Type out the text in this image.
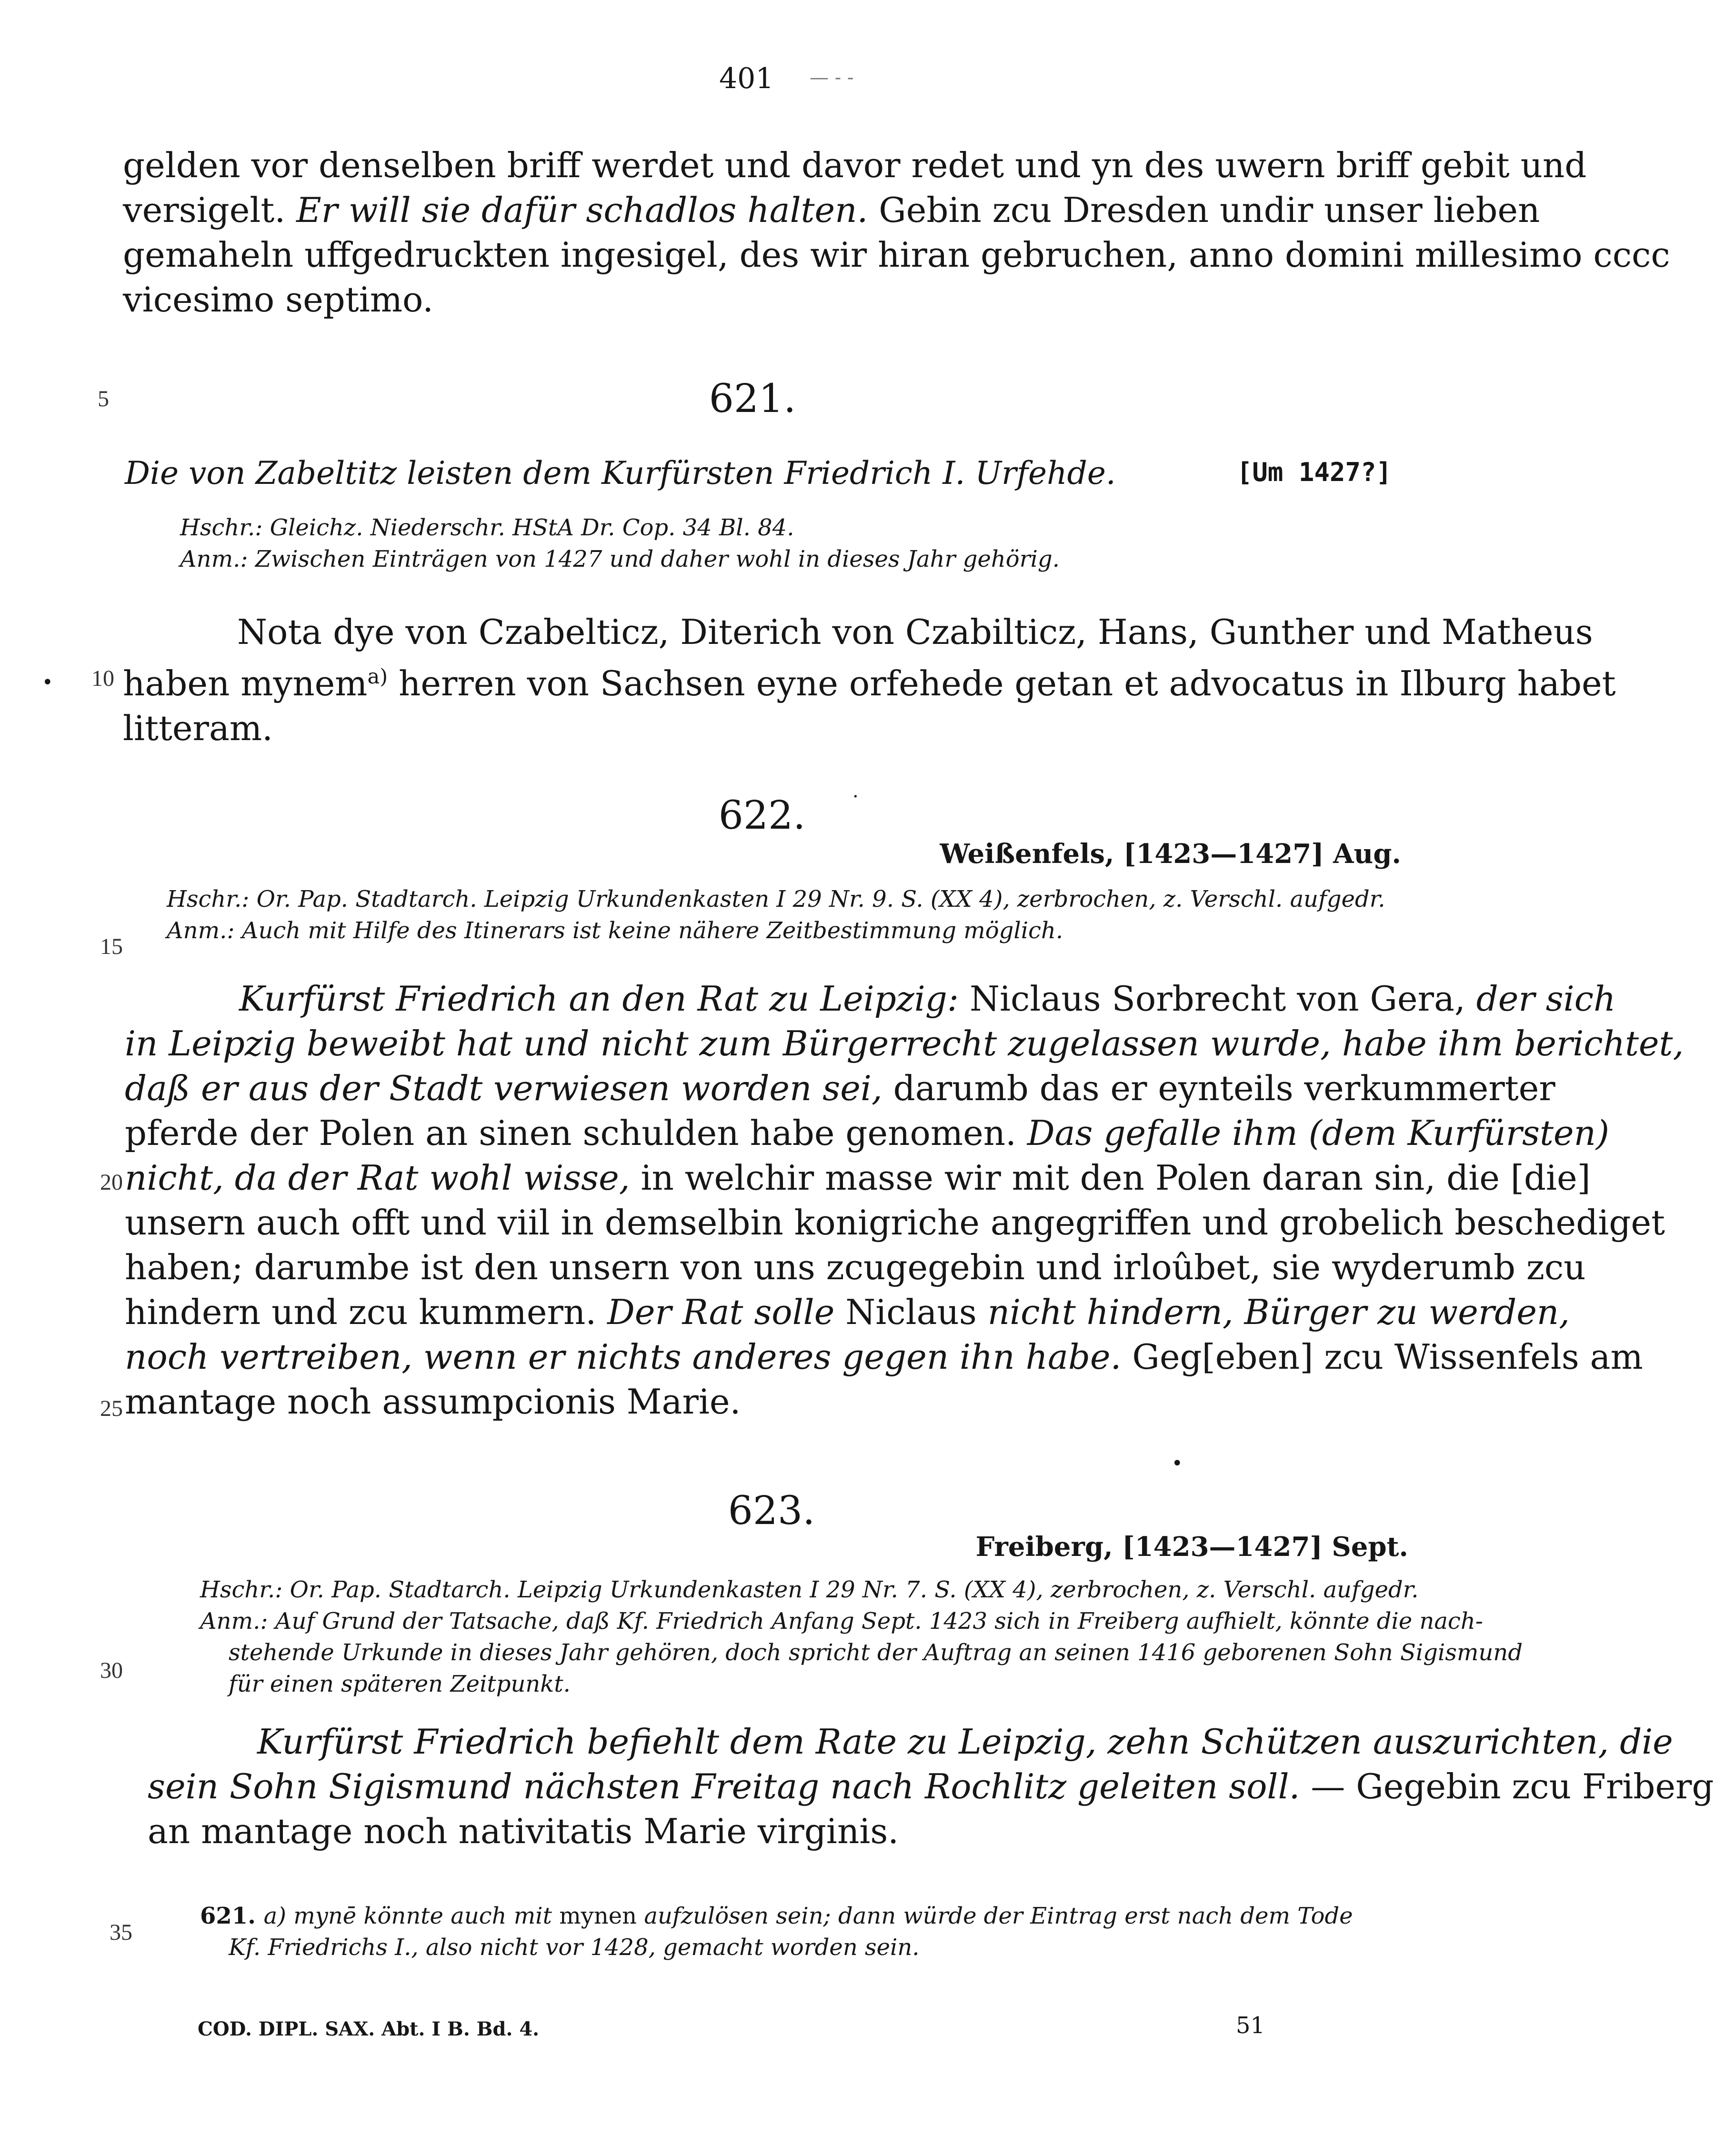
401 — - -
gelden vor denselben briff werdet und davor redet und yn des uwern briff gebit und
versigelt. Er will sie dafür schadlos halten. Gebin zcu Dresden undir unser lieben
gemaheln uffgedruckten ingesigel, des wir hiran gebruchen, anno domini millesimo cccc
vicesimo septimo.
5
10
15
20
25
30
35
•
621.
Die von Zabeltitz leisten dem Kurfürsten Friedrich I. Urfehde.	[Um 1427?]
Hschr.: Gleichz. Niederschr. HStA Dr. Cop. 34 Bl. 84.
Anm.: Zwischen Einträgen von 1427 und daher wohl in dieses Jahr gehörig.
Nota dye von Czabelticz, Diterich von Czabilticz, Hans, Gunther und Matheus
haben mynem$^{a)}$ herren von Sachsen eyne orfehede getan et advocatus in Ilburg habet
litteram.
·
•
622.
Weißenfels, [1423—1427] Aug.
Hschr.: Or. Pap. Stadtarch. Leipzig Urkundenkasten I 29 Nr. 9. S. (XX 4), zerbrochen, z. Verschl. aufgedr.
Anm.: Auch mit Hilfe des Itinerars ist keine nähere Zeitbestimmung möglich.
Kurfürst Friedrich an den Rat zu Leipzig: Niclaus Sorbrecht von Gera, der sich
in Leipzig beweibt hat und nicht zum Bürgerrecht zugelassen wurde, habe ihm berichtet,
daß er aus der Stadt verwiesen worden sei, darumb das er eynteils verkummerter
pferde der Polen an sinen schulden habe genomen. Das gefalle ihm (dem Kurfürsten)
nicht, da der Rat wohl wisse, in welchir masse wir mit den Polen daran sin, die [die]
unsern auch offt und viil in demselbin konigriche angegriffen und grobelich beschediget
haben; darumbe ist den unsern von uns zcugegebin und irloûbet, sie wyderumb zcu
hindern und zcu kummern. Der Rat solle Niclaus nicht hindern, Bürger zu werden,
noch vertreiben, wenn er nichts anderes gegen ihn habe. Geg[eben] zcu Wissenfels am
mantage noch assumpcionis Marie.
623.
Freiberg, [1423—1427] Sept.
Hschr.: Or. Pap. Stadtarch. Leipzig Urkundenkasten I 29 Nr. 7. S. (XX 4), zerbrochen, z. Verschl. aufgedr.
Anm.: Auf Grund der Tatsache, daß Kf. Friedrich Anfang Sept. 1423 sich in Freiberg aufhielt, könnte die nach-
stehende Urkunde in dieses Jahr gehören, doch spricht der Auftrag an seinen 1416 geborenen Sohn Sigismund
für einen späteren Zeitpunkt.
Kurfürst Friedrich befiehlt dem Rate zu Leipzig, zehn Schützen auszurichten, die
sein Sohn Sigismund nächsten Freitag nach Rochlitz geleiten soll. — Gegebin zcu Friberg
an mantage noch nativitatis Marie virginis.
621. a) mynē könnte auch mit mynen aufzulösen sein; dann würde der Eintrag erst nach dem Tode
Kf. Friedrichs I., also nicht vor 1428, gemacht worden sein.
COD. DIPL. SAX. Abt. I B. Bd. 4.	51
